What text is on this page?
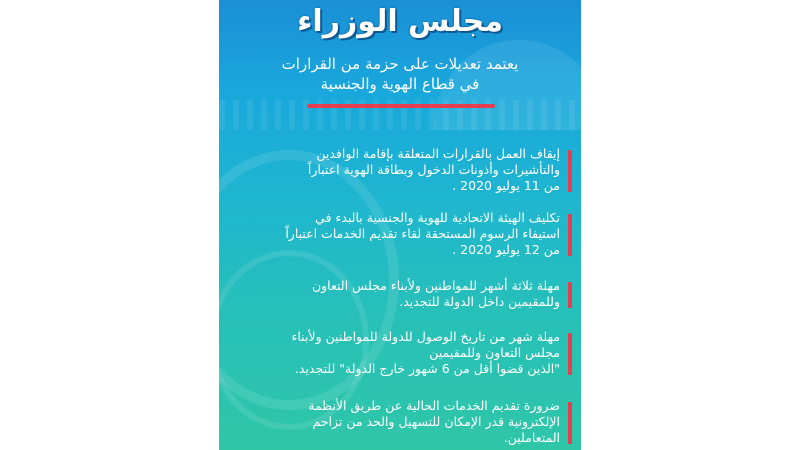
مجلس الوزراء
يعتمد تعديلات على حزمة من القرارات
في قطاع الهوية والجنسية
إيقاف العمل بالقرارات المتعلقة بإقامة الوافدين
والتأشيرات وأذونات الدخول وبطاقة الهوية اعتباراً
من 11 يوليو 2020 .
تكليف الهيئة الاتحادية للهوية والجنسية بالبدء في
استيفاء الرسوم المستحقة لقاء تقديم الخدمات اعتباراً
من 12 يوليو 2020 .
مهلة ثلاثة أشهر للمواطنين ولأبناء مجلس التعاون
وللمقيمين داخل الدولة للتجديد.
مهلة شهر من تاريخ الوصول للدولة للمواطنين ولأبناء
مجلس التعاون وللمقيمين
"الذين قضوا أقل من 6 شهور خارج الدولة" للتجديد.
ضرورة تقديم الخدمات الحالية عن طريق الأنظمة
الإلكترونية قدر الإمكان للتسهيل والحد من تزاحم
المتعاملين.
